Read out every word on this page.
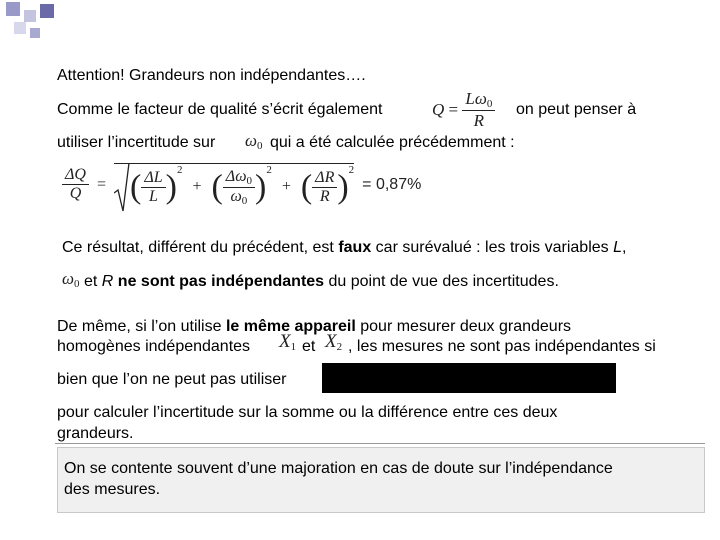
Attention! Grandeurs non indépendantes….
Comme le facteur de qualité s’écrit également	$Q = \frac{L\omega_0}{R}$ on peut penser à
utiliser l’incertitude sur $\omega_0$ qui a été calculée précédemment :
$\frac{\Delta Q}{Q}$ = ( $\frac{\Delta L}{L} )^2$ + ( $\frac{\Delta\omega_0}{\omega_0} )^2$ + ( $\frac{\Delta R}{R} )^2 = 0,87\%$
Ce résultat, différent du précédent, est faux car surévalué : les trois variables L,
$\omega_0$ et R ne sont pas indépendantes du point de vue des incertitudes.
De même, si l’on utilise le même appareil pour mesurer deux grandeurs
homogènes indépendantes $X_1$ et $X_2$ , les mesures ne sont pas indépendantes si
bien que l’on ne peut pas utiliser
pour calculer l’incertitude sur la somme ou la différence entre ces deux
grandeurs.
On se contente souvent d’une majoration en cas de doute sur l’indépendance
des mesures.
